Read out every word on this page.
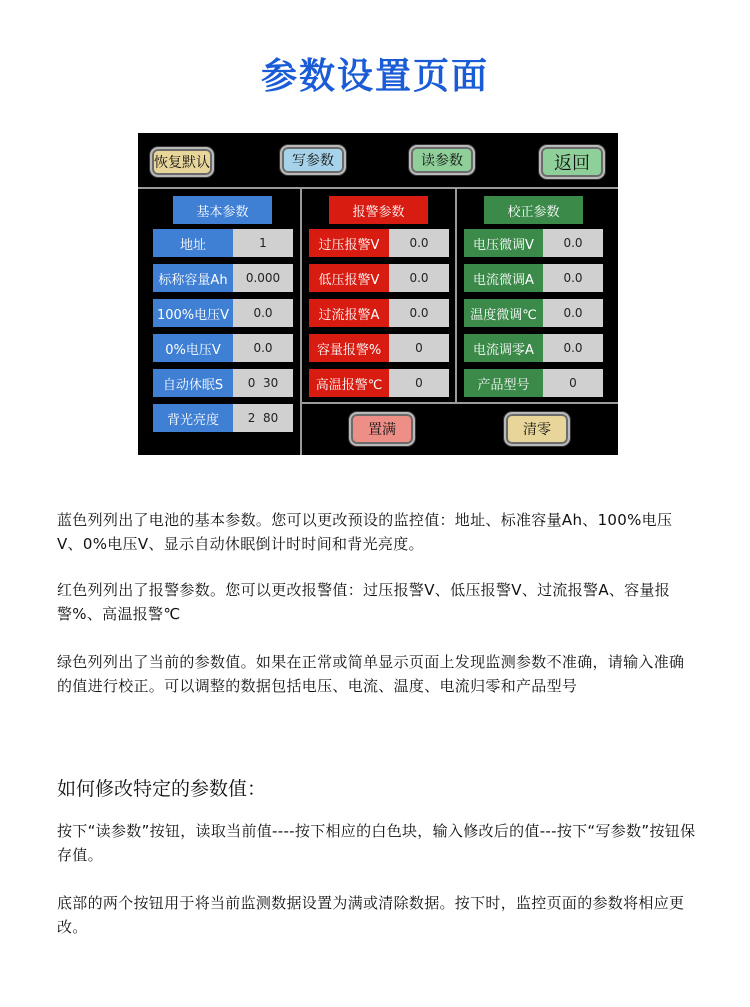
参数设置页面
恢复默认	写参数	读参数	返回
基本参数	报警参数	校正参数
地址	1
标称容量Ah	0.000
100%电压V	0.0
0%电压V	0.0
自动休眠S	0  30
背光亮度	2  80
过压报警V	0.0
低压报警V	0.0
过流报警A	0.0
容量报警%	0
高温报警℃	0
电压微调V	0.0
电流微调A	0.0
温度微调℃	0.0
电流调零A	0.0
产品型号	0
置满	清零
蓝色列列出了电池的基本参数。您可以更改预设的监控值：地址、标准容量Ah、100%电压V、0%电压V、显示自动休眠倒计时时间和背光亮度。
红色列列出了报警参数。您可以更改报警值：过压报警V、低压报警V、过流报警A、容量报警%、高温报警℃
绿色列列出了当前的参数值。如果在正常或简单显示页面上发现监测参数不准确，请输入准确的值进行校正。可以调整的数据包括电压、电流、温度、电流归零和产品型号
如何修改特定的参数值：
按下“读参数”按钮，读取当前值----按下相应的白色块，输入修改后的值---按下“写参数”按钮保存值。
底部的两个按钮用于将当前监测数据设置为满或清除数据。按下时，监控页面的参数将相应更改。
